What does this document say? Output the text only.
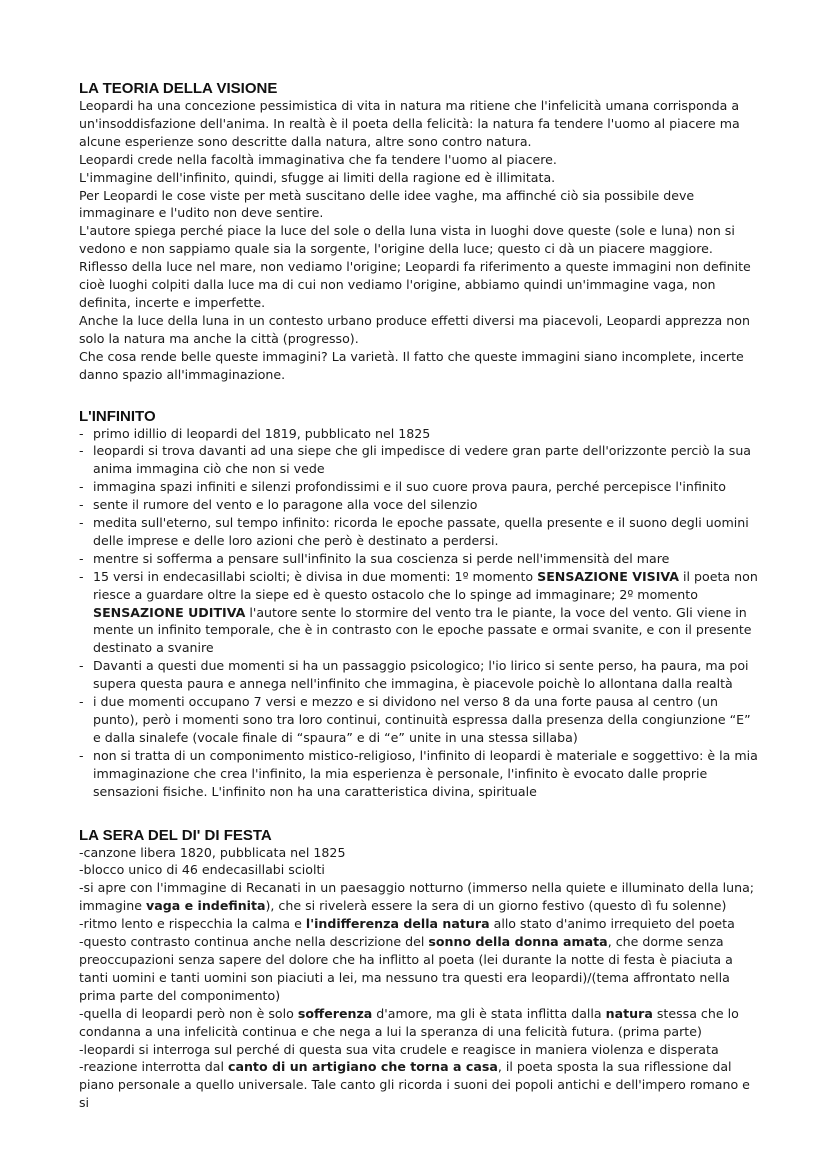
LA TEORIA DELLA VISIONE

Leopardi ha una concezione pessimistica di vita in natura ma ritiene che l'infelicità umana corrisponda a un'insoddisfazione dell'anima. In realtà è il poeta della felicità: la natura fa tendere l'uomo al piacere ma alcune esperienze sono descritte dalla natura, altre sono contro natura.

Leopardi crede nella facoltà immaginativa che fa tendere l'uomo al piacere.

L'immagine dell'infinito, quindi, sfugge ai limiti della ragione ed è illimitata.

Per Leopardi le cose viste per metà suscitano delle idee vaghe, ma affinché ciò sia possibile deve immaginare e l'udito non deve sentire.

L'autore spiega perché piace la luce del sole o della luna vista in luoghi dove queste (sole e luna) non si vedono e non sappiamo quale sia la sorgente, l'origine della luce; questo ci dà un piacere maggiore.

Riflesso della luce nel mare, non vediamo l'origine; Leopardi fa riferimento a queste immagini non definite cioè luoghi colpiti dalla luce ma di cui non vediamo l'origine, abbiamo quindi un'immagine vaga, non definita, incerte e imperfette.

Anche la luce della luna in un contesto urbano produce effetti diversi ma piacevoli, Leopardi apprezza non solo la natura ma anche la città (progresso).

Che cosa rende belle queste immagini? La varietà. Il fatto che queste immagini siano incomplete, incerte danno spazio all'immaginazione.

L'INFINITO
- primo idillio di leopardi del 1819, pubblicato nel 1825
- leopardi si trova davanti ad una siepe che gli impedisce di vedere gran parte dell'orizzonte perciò la sua anima immagina ciò che non si vede
- immagina spazi infiniti e silenzi profondissimi e il suo cuore prova paura, perché percepisce l'infinito
- sente il rumore del vento e lo paragone alla voce del silenzio
- medita sull'eterno, sul tempo infinito: ricorda le epoche passate, quella presente e il suono degli uomini delle imprese e delle loro azioni che però è destinato a perdersi.
- mentre si sofferma a pensare sull'infinito la sua coscienza si perde nell'immensità del mare
- 15 versi in endecasillabi sciolti; è divisa in due momenti: 1º momento SENSAZIONE VISIVA il poeta non riesce a guardare oltre la siepe ed è questo ostacolo che lo spinge ad immaginare; 2º momento SENSAZIONE UDITIVA l'autore sente lo stormire del vento tra le piante, la voce del vento. Gli viene in mente un infinito temporale, che è in contrasto con le epoche passate e ormai svanite, e con il presente destinato a svanire
- Davanti a questi due momenti si ha un passaggio psicologico; l'io lirico si sente perso, ha paura, ma poi supera questa paura e annega nell'infinito che immagina, è piacevole poichè lo allontana dalla realtà
- i due momenti occupano 7 versi e mezzo e si dividono nel verso 8 da una forte pausa al centro (un punto), però i momenti sono tra loro continui, continuità espressa dalla presenza della congiunzione “E” e dalla sinalefe (vocale finale di “spaura” e di “e” unite in una stessa sillaba)
- non si tratta di un componimento mistico-religioso, l'infinito di leopardi è materiale e soggettivo: è la mia immaginazione che crea l'infinito, la mia esperienza è personale, l'infinito è evocato dalle proprie sensazioni fisiche. L'infinito non ha una caratteristica divina, spirituale
LA SERA DEL DI' DI FESTA

-canzone libera 1820, pubblicata nel 1825

-blocco unico di 46 endecasillabi sciolti

-si apre con l'immagine di Recanati in un paesaggio notturno (immerso nella quiete e illuminato della luna; immagine vaga e indefinita), che si rivelerà essere la sera di un giorno festivo (questo dì fu solenne)

-ritmo lento e rispecchia la calma e l'indifferenza della natura allo stato d'animo irrequieto del poeta

-questo contrasto continua anche nella descrizione del sonno della donna amata, che dorme senza preoccupazioni senza sapere del dolore che ha inflitto al poeta (lei durante la notte di festa è piaciuta a tanti uomini e tanti uomini son piaciuti a lei, ma nessuno tra questi era leopardi)/(tema affrontato nella prima parte del componimento)

-quella di leopardi però non è solo sofferenza d'amore, ma gli è stata inflitta dalla natura stessa che lo condanna a una infelicità continua e che nega a lui la speranza di una felicità futura. (prima parte)

-leopardi si interroga sul perché di questa sua vita crudele e reagisce in maniera violenza e disperata

-reazione interrotta dal canto di un artigiano che torna a casa, il poeta sposta la sua riflessione dal piano personale a quello universale. Tale canto gli ricorda i suoni dei popoli antichi e dell'impero romano e si
